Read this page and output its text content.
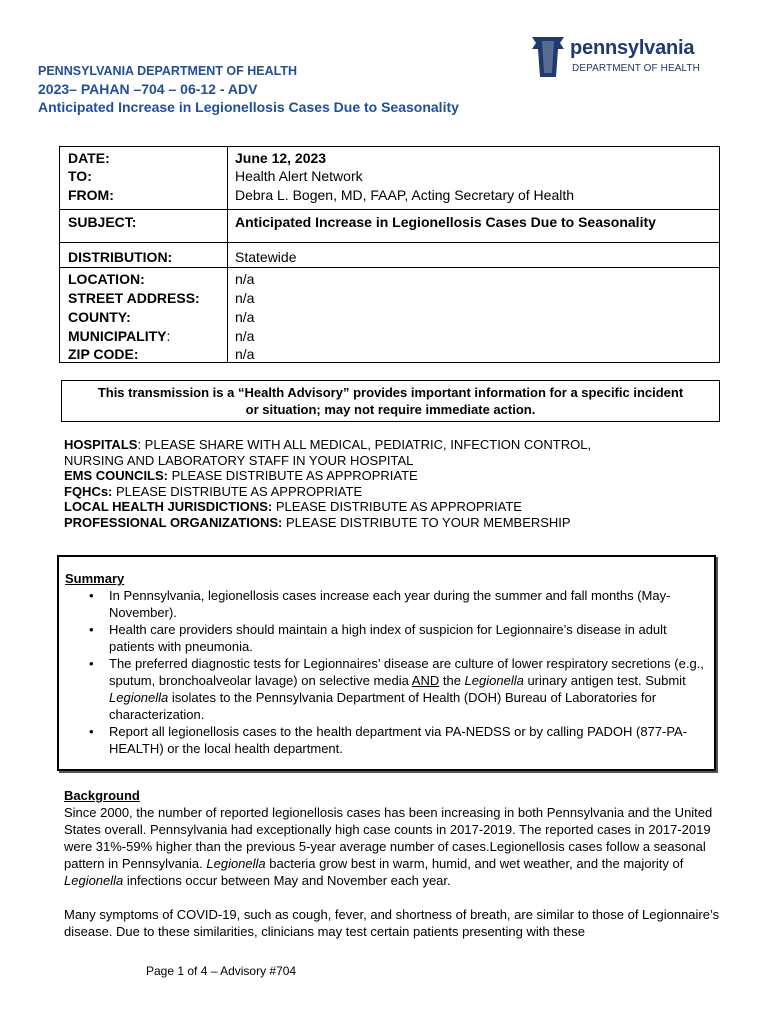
pennsylvania
DEPARTMENT OF HEALTH
PENNSYLVANIA DEPARTMENT OF HEALTH
2023– PAHAN –704 – 06-12 - ADV
Anticipated Increase in Legionellosis Cases Due to Seasonality
DATE:	June 12, 2023
TO:	Health Alert Network
FROM:	Debra L. Bogen, MD, FAAP, Acting Secretary of Health
SUBJECT:	Anticipated Increase in Legionellosis Cases Due to Seasonality
DISTRIBUTION:	Statewide
LOCATION:	n/a
STREET ADDRESS:	n/a
COUNTY:	n/a
MUNICIPALITY:	n/a
ZIP CODE:	n/a
This transmission is a “Health Advisory” provides important information for a specific incident
or situation; may not require immediate action.
HOSPITALS: PLEASE SHARE WITH ALL MEDICAL, PEDIATRIC, INFECTION CONTROL,
NURSING AND LABORATORY STAFF IN YOUR HOSPITAL
EMS COUNCILS: PLEASE DISTRIBUTE AS APPROPRIATE
FQHCs: PLEASE DISTRIBUTE AS APPROPRIATE
LOCAL HEALTH JURISDICTIONS: PLEASE DISTRIBUTE AS APPROPRIATE
PROFESSIONAL ORGANIZATIONS: PLEASE DISTRIBUTE TO YOUR MEMBERSHIP
Summary
• In Pennsylvania, legionellosis cases increase each year during the summer and fall months (May-November).
• Health care providers should maintain a high index of suspicion for Legionnaire’s disease in adult patients with pneumonia.
• The preferred diagnostic tests for Legionnaires’ disease are culture of lower respiratory secretions (e.g., sputum, bronchoalveolar lavage) on selective media AND the Legionella urinary antigen test. Submit Legionella isolates to the Pennsylvania Department of Health (DOH) Bureau of Laboratories for characterization.
• Report all legionellosis cases to the health department via PA-NEDSS or by calling PADOH (877-PA-HEALTH) or the local health department.
Background

Since 2000, the number of reported legionellosis cases has been increasing in both Pennsylvania and the United States overall. Pennsylvania had exceptionally high case counts in 2017-2019. The reported cases in 2017-2019 were 31%-59% higher than the previous 5-year average number of cases.Legionellosis cases follow a seasonal pattern in Pennsylvania. Legionella bacteria grow best in warm, humid, and wet weather, and the majority of Legionella infections occur between May and November each year.

Many symptoms of COVID-19, such as cough, fever, and shortness of breath, are similar to those of Legionnaire’s disease. Due to these similarities, clinicians may test certain patients presenting with these

Page 1 of 4 – Advisory #704
